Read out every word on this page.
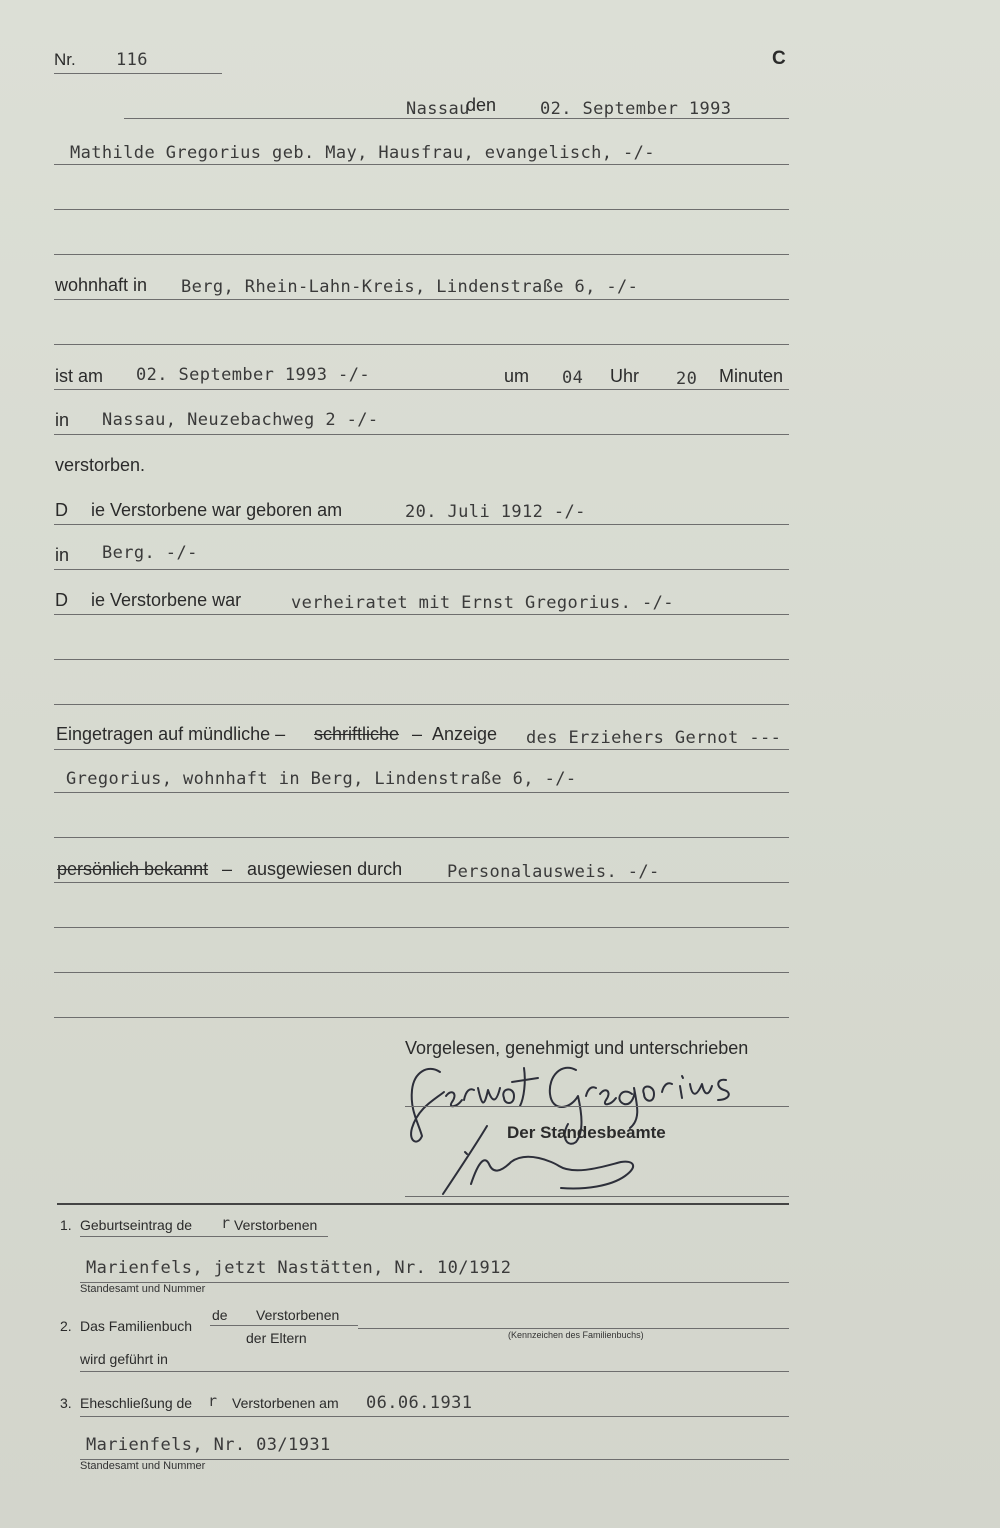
Nr. 116	C
Nassau
den	02. September 1993
Mathilde Gregorius geb. May, Hausfrau, evangelisch, -/-
wohnhaft in Berg, Rhein-Lahn-Kreis, Lindenstraße 6, -/-
ist am 02. September 1993 -/-	um 04 Uhr 20 Minuten
in Nassau, Neuzebachweg 2 -/-
verstorben.
D ie Verstorbene war geboren am	20. Juli 1912 -/-
in Berg. -/-
D ie Verstorbene war	verheiratet mit Ernst Gregorius. -/-
Eingetragen auf mündliche – schriftliche – Anzeige des Erziehers Gernot ---
Gregorius, wohnhaft in Berg, Lindenstraße 6, -/-
persönlich bekannt – ausgewiesen durch	Personalausweis. -/-
Vorgelesen, genehmigt und unterschrieben
Gernot Gregorius
Der Standesbeamte
1. Geburtseintrag de r Verstorbenen
Marienfels, jetzt Nastätten, Nr. 10/1912
Standesamt und Nummer
2. Das Familienbuch
de Verstorbenen
der Eltern	(Kennzeichen des Familienbuchs)
wird geführt in
3. Eheschließung de r Verstorbenen am 06.06.1931
Marienfels, Nr. 03/1931
Standesamt und Nummer
